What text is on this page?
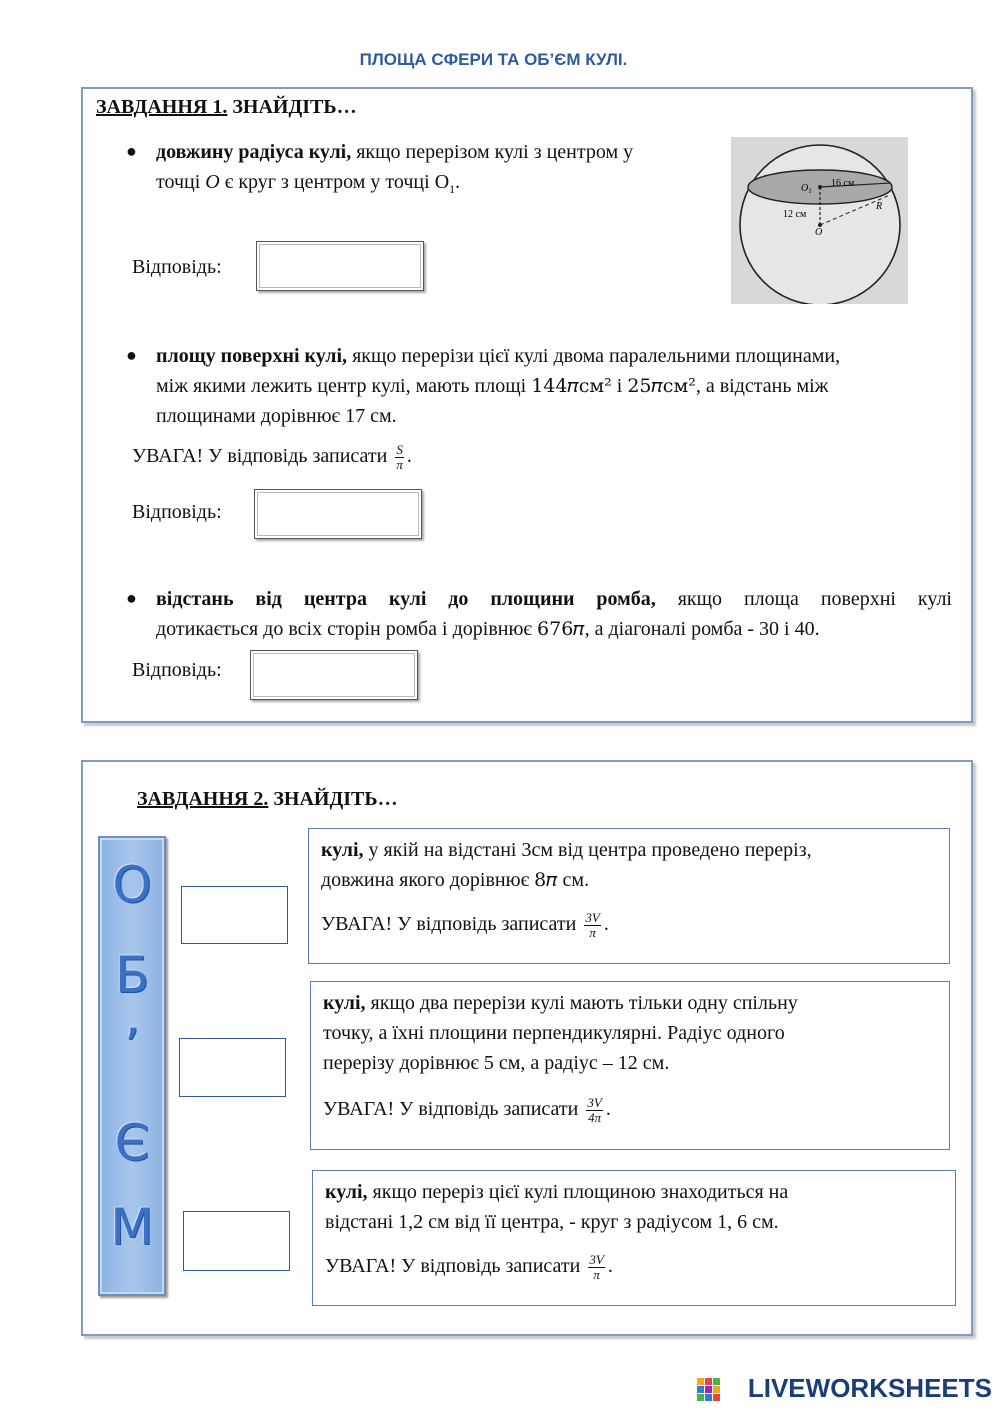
ПЛОЩА СФЕРИ ТА ОБ’ЄМ КУЛІ.
ЗАВДАННЯ 1. ЗНАЙДІТЬ…
● довжину радіуса кулі, якщо перерізом кулі з центром у
точці O є круг з центром у точці $O_1$.	$O_1$
16 см
12 см
R
O
Відповідь:
● площу поверхні кулі, якщо перерізи цієї кулі двома паралельними площинами,
між якими лежить центр кулі, мають площі 144𝜋см² і 25𝜋см², а відстань між
площинами дорівнює 17 см.
УВАГА! У відповідь записати $\frac{S}{\pi}$ .
Відповідь:
● відстань від центра кулі до площини ромба, якщо площа поверхні кулі
дотикається до всіх сторін ромба і дорівнює 676𝜋, а діагоналі ромба - 30 і 40.
Відповідь:
ЗАВДАННЯ 2. ЗНАЙДІТЬ…
О
Б
’
Є
М
кулі, у якій на відстані 3см від центра проведено переріз,
довжина якого дорівнює 8𝜋 см.
УВАГА! У відповідь записати $\frac{3V}{\pi}$ .
кулі, якщо два перерізи кулі мають тільки одну спільну
точку, а їхні площини перпендикулярні. Радіус одного
перерізу дорівнює 5 см, а радіус – 12 см.
УВАГА! У відповідь записати $\frac{3V}{4\pi}$ .
кулі, якщо переріз цієї кулі площиною знаходиться на
відстані 1,2 см від її центра, - круг з радіусом 1, 6 см.
УВАГА! У відповідь записати $\frac{3V}{\pi}$ .
LIVEWORKSHEETS
